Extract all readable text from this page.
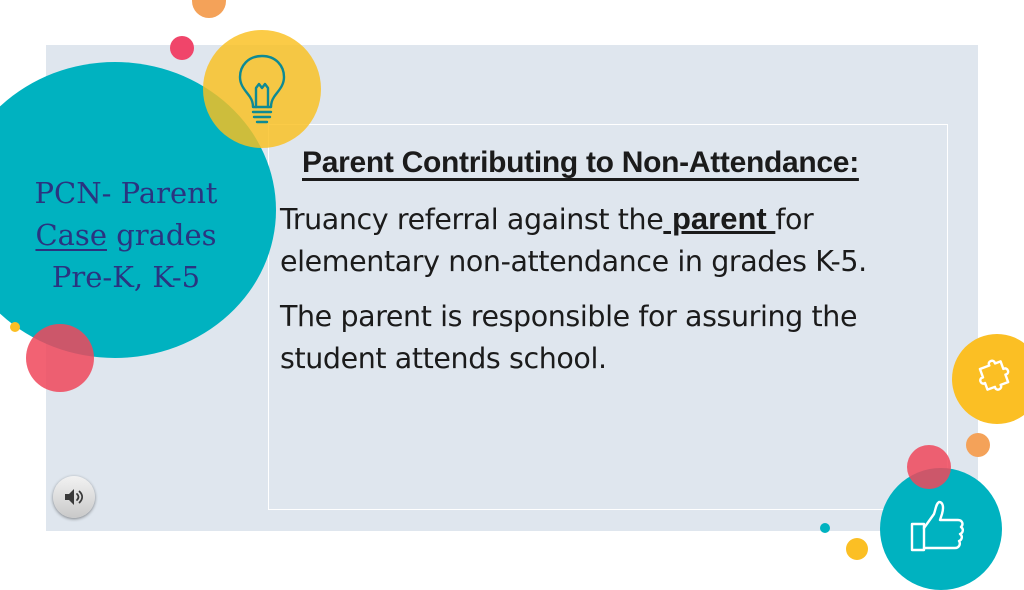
PCN- Parent
Case grades
Pre-K, K-5
Parent Contributing to Non-Attendance:

Truancy referral against the parent for elementary non-attendance in grades K-5.

The parent is responsible for assuring the student attends school.
